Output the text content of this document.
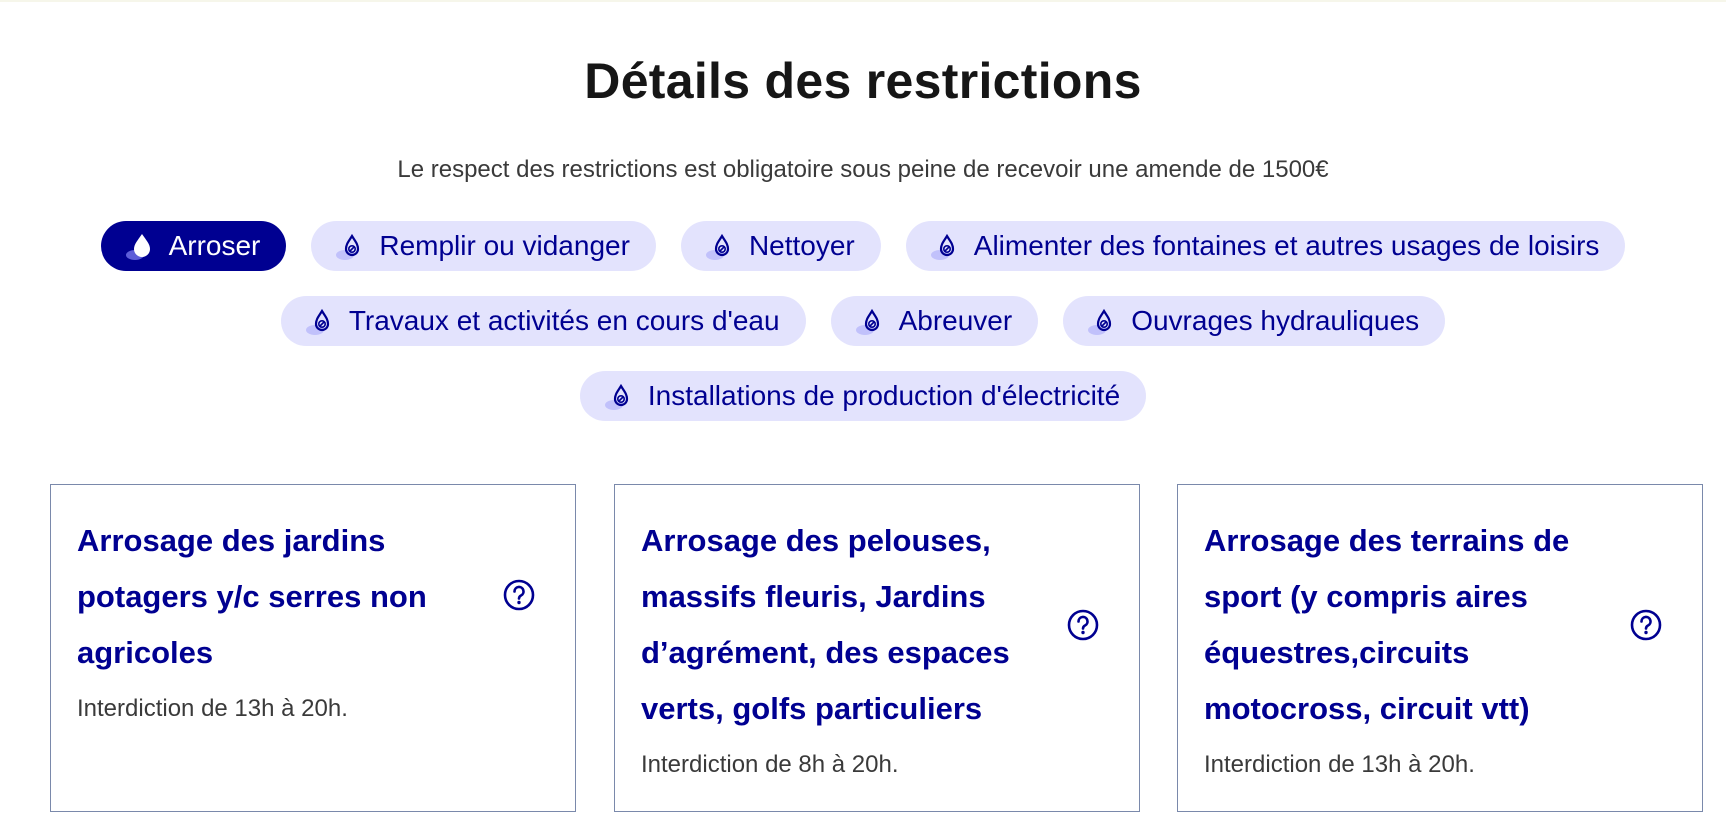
Détails des restrictions

Le respect des restrictions est obligatoire sous peine de recevoir une amende de 1500€

Arroser	Remplir ou vidanger	Nettoyer	Alimenter des fontaines et autres usages de loisirs
Travaux et activités en cours d'eau	Abreuver	Ouvrages hydrauliques
Installations de production d'électricité
Arrosage des jardins
potagers y/c serres non
agricoles

Interdiction de 13h à 20h.

Arrosage des pelouses,
massifs fleuris, Jardins
d’agrément, des espaces
verts, golfs particuliers

Interdiction de 8h à 20h.

Arrosage des terrains de
sport (y compris aires
équestres,circuits
motocross, circuit vtt)

Interdiction de 13h à 20h.
